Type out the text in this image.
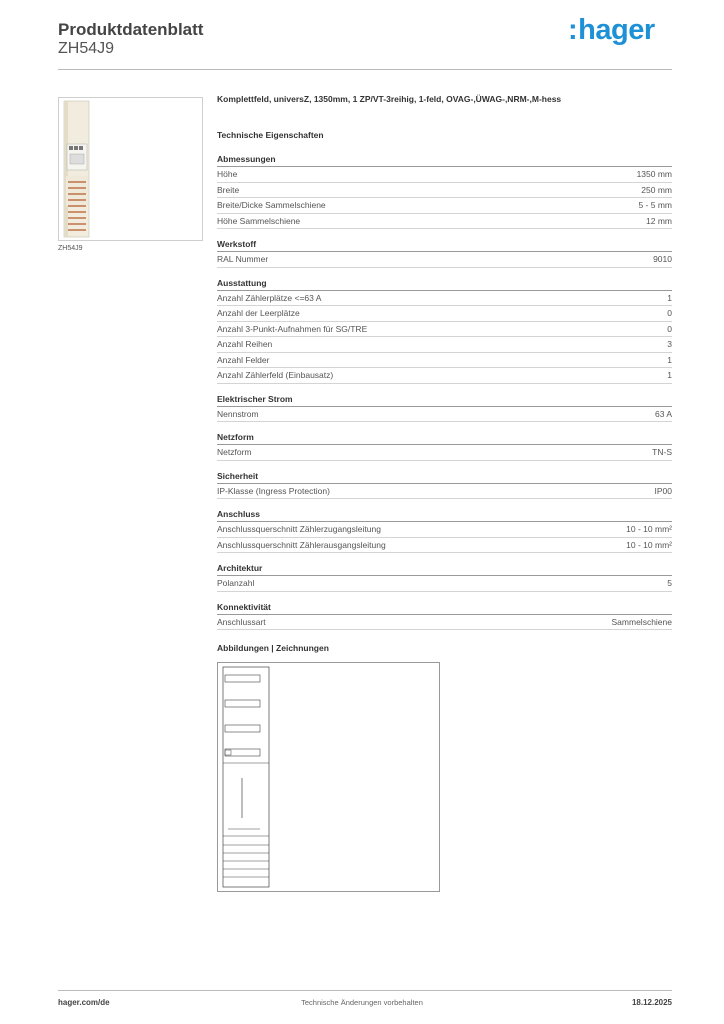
Produktdatenblatt
ZH54J9
:hager
ZH54J9
Komplettfeld, universZ, 1350mm, 1 ZP/VT-3reihig, 1-feld, OVAG-,ÜWAG-,NRM-,M-hess
Technische Eigenschaften
Abmessungen
Höhe	1350 mm
Breite	250 mm
Breite/Dicke Sammelschiene	5 - 5 mm
Höhe Sammelschiene	12 mm
Werkstoff
RAL Nummer	9010
Ausstattung
Anzahl Zählerplätze <=63 A	1
Anzahl der Leerplätze	0
Anzahl 3-Punkt-Aufnahmen für SG/TRE	0
Anzahl Reihen	3
Anzahl Felder	1
Anzahl Zählerfeld (Einbausatz)	1
Elektrischer Strom
Nennstrom	63 A
Netzform
Netzform	TN-S
Sicherheit
IP-Klasse (Ingress Protection)	IP00
Anschluss
Anschlussquerschnitt Zählerzugangsleitung	10 - 10 mm²
Anschlussquerschnitt Zählerausgangsleitung	10 - 10 mm²
Architektur
Polanzahl	5
Konnektivität
Anschlussart	Sammelschiene
Abbildungen | Zeichnungen
hager.com/de	Technische Änderungen vorbehalten	18.12.2025
